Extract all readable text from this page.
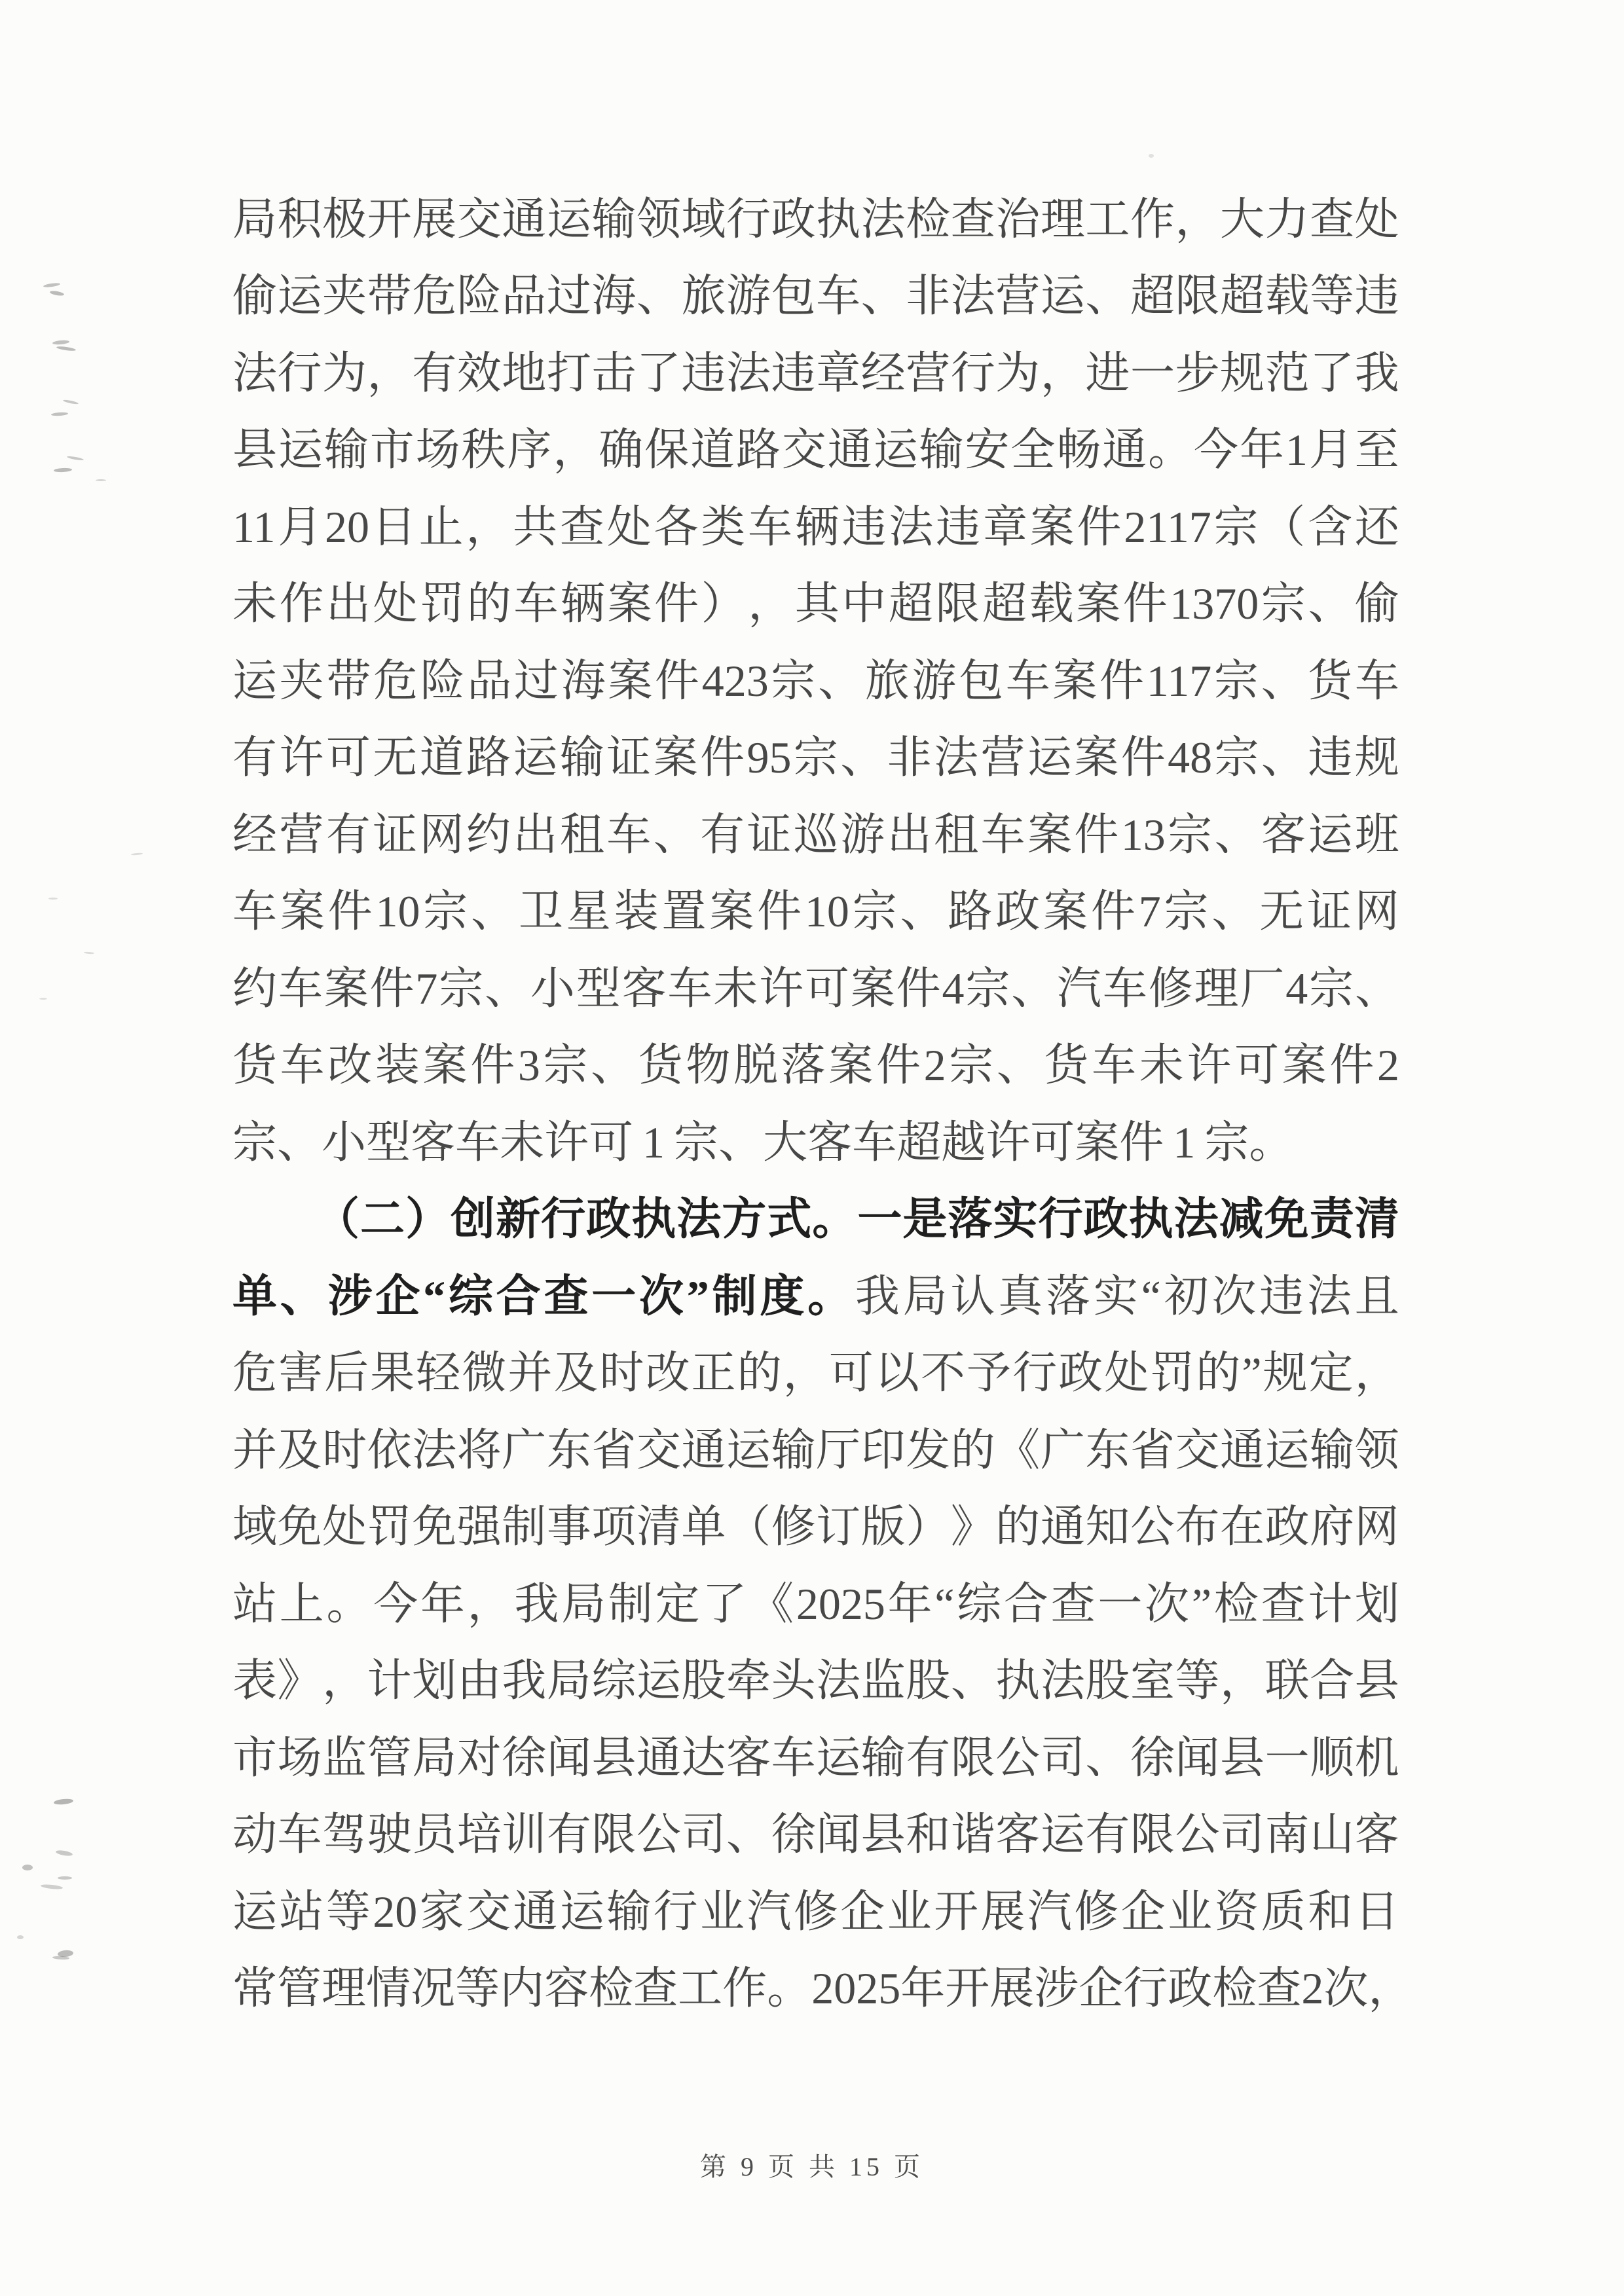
局 积 极 开 展 交 通 运 输 领 域 行 政 执 法 检 查 治 理 工 作 ， 大 力 查 处
偷 运 夹 带 危 险 品 过 海 、 旅 游 包 车 、 非 法 营 运 、 超 限 超 载 等 违
法 行 为 ， 有 效 地 打 击 了 违 法 违 章 经 营 行 为 ， 进 一 步 规 范 了 我
县 运 输 市 场 秩 序 ， 确 保 道 路 交 通 运 输 安 全 畅 通 。 今 年 1 月 至
11 月 20 日 止 ， 共 查 处 各 类 车 辆 违 法 违 章 案 件 2117 宗 （ 含 还
未 作 出 处 罚 的 车 辆 案 件 ） ， 其 中 超 限 超 载 案 件 1370 宗 、 偷
运 夹 带 危 险 品 过 海 案 件 423 宗 、 旅 游 包 车 案 件 117 宗 、 货 车
有 许 可 无 道 路 运 输 证 案 件 95 宗 、 非 法 营 运 案 件 48 宗 、 违 规
经 营 有 证 网 约 出 租 车 、 有 证 巡 游 出 租 车 案 件 13 宗 、 客 运 班
车 案 件 10 宗 、 卫 星 装 置 案 件 10 宗 、 路 政 案 件 7 宗 、 无 证 网
约 车 案 件 7 宗 、 小 型 客 车 未 许 可 案 件 4 宗 、 汽 车 修 理 厂 4 宗 、
货 车 改 装 案 件 3 宗 、 货 物 脱 落 案 件 2 宗 、 货 车 未 许 可 案 件 2
宗 、 小 型 客 车 未 许 可 1 宗 、 大 客 车 超 越 许 可 案 件 1 宗 。
（ 二 ） 创 新 行 政 执 法 方 式 。 一 是 落 实 行 政 执 法 减 免 责 清
单 、 涉 企 “ 综 合 查 一 次 ” 制 度 。 我 局 认 真 落 实 “ 初 次 违 法 且
危 害 后 果 轻 微 并 及 时 改 正 的 ， 可 以 不 予 行 政 处 罚 的 ” 规 定 ，
并 及 时 依 法 将 广 东 省 交 通 运 输 厅 印 发 的 《 广 东 省 交 通 运 输 领
域 免 处 罚 免 强 制 事 项 清 单 （ 修 订 版 ） 》 的 通 知 公 布 在 政 府 网
站 上 。 今 年 ， 我 局 制 定 了 《 2025 年 “ 综 合 查 一 次 ” 检 查 计 划
表 》 ， 计 划 由 我 局 综 运 股 牵 头 法 监 股 、 执 法 股 室 等 ， 联 合 县
市 场 监 管 局 对 徐 闻 县 通 达 客 车 运 输 有 限 公 司 、 徐 闻 县 一 顺 机
动 车 驾 驶 员 培 训 有 限 公 司 、 徐 闻 县 和 谐 客 运 有 限 公 司 南 山 客
运 站 等 20 家 交 通 运 输 行 业 汽 修 企 业 开 展 汽 修 企 业 资 质 和 日
常 管 理 情 况 等 内 容 检 查 工 作 。 2025 年 开 展 涉 企 行 政 检 查 2 次 ，
第 9 页 共 15 页
